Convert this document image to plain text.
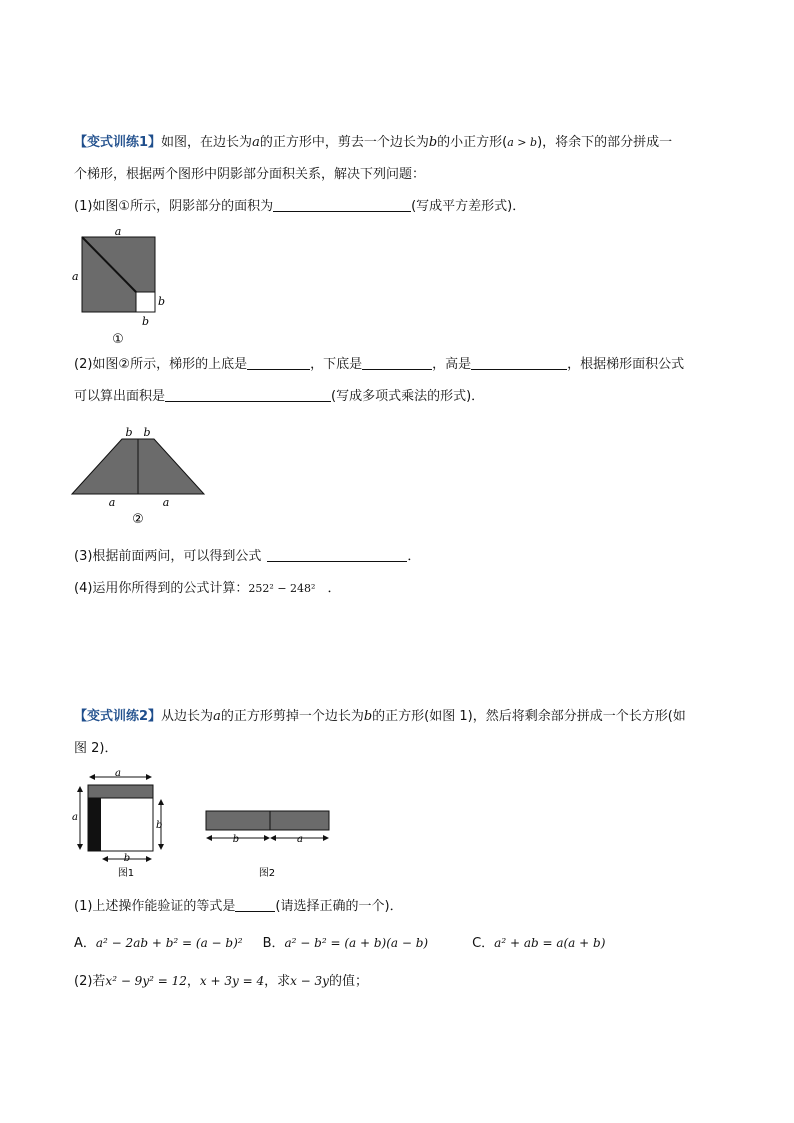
【变式训练1】如图，在边长为a的正方形中，剪去一个边长为b的小正方形(a > b)，将余下的部分拼成一
个梯形，根据两个图形中阴影部分面积关系，解决下列问题：
(1)如图①所示，阴影部分的面积为	(写成平方差形式)．
a
a
b
b
①
(2)如图②所示，梯形的上底是	，下底是	，高是	，根据梯形面积公式
可以算出面积是	(写成多项式乘法的形式)．
b b
a	a
②
(3)根据前面两问，可以得到公式	．
(4)运用你所得到的公式计算：252² − 248² ．
【变式训练2】从边长为a的正方形剪掉一个边长为b的正方形(如图 1)，然后将剩余部分拼成一个长方形(如
图 2)．
a
a
b
b
图1
b	a
图2
(1)上述操作能验证的等式是	(请选择正确的一个)．
A．a² − 2ab + b² = (a − b)² B．a² − b² = (a + b)(a − b)	C．a² + ab = a(a + b)
(2)若x² − 9y² = 12，x + 3y = 4，求x − 3y的值；
